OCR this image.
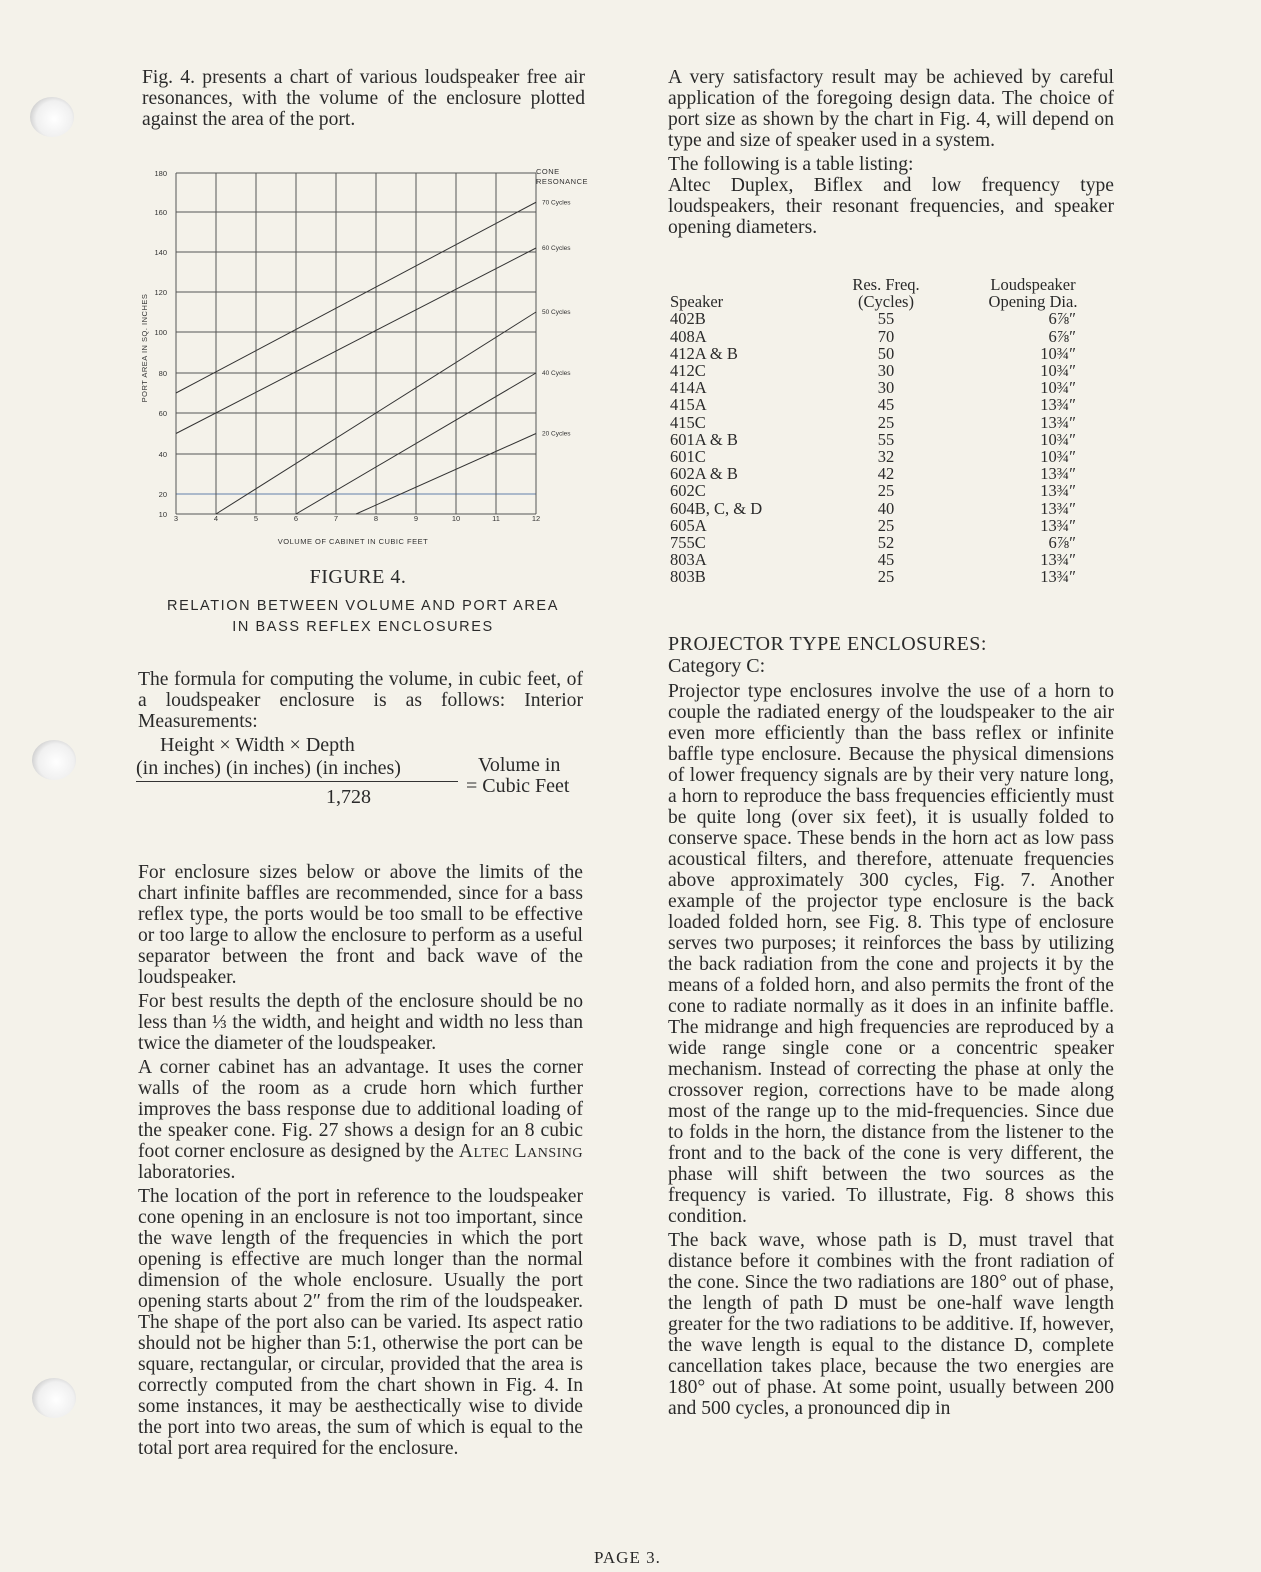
Fig. 4. presents a chart of various loudspeaker free air resonances, with the volume of the enclosure plotted against the area of the port.
10
20
40
60
80
100
120
140
160
180
3	4	5	6	7	8	9	10	11	12
70 Cycles
60 Cycles
50 Cycles
40 Cycles
20 Cycles
CONE
RESONANCE
VOLUME OF CABINET IN CUBIC FEET
PORT AREA IN SQ. INCHES
FIGURE 4.
RELATION BETWEEN VOLUME AND PORT AREA
IN BASS REFLEX ENCLOSURES
The formula for computing the volume, in cubic feet, of a loudspeaker enclosure is as follows: Interior Measurements:
Height × Width × Depth
(in inches) (in inches) (in inches)
1,728
Volume in
= Cubic Feet

For enclosure sizes below or above the limits of the chart infinite baffles are recommended, since for a bass reflex type, the ports would be too small to be effective or too large to allow the enclosure to perform as a useful separator between the front and back wave of the loudspeaker.

For best results the depth of the enclosure should be no less than ⅓ the width, and height and width no less than twice the diameter of the loudspeaker.

A corner cabinet has an advantage. It uses the corner walls of the room as a crude horn which further improves the bass response due to additional loading of the speaker cone. Fig. 27 shows a design for an 8 cubic foot corner enclosure as designed by the Altec Lansing laboratories.

The location of the port in reference to the loudspeaker cone opening in an enclosure is not too important, since the wave length of the frequencies in which the port opening is effective are much longer than the normal dimension of the whole enclosure. Usually the port opening starts about 2″ from the rim of the loudspeaker. The shape of the port also can be varied. Its aspect ratio should not be higher than 5:1, otherwise the port can be square, rectangular, or circular, provided that the area is correctly computed from the chart shown in Fig. 4. In some instances, it may be aesthectically wise to divide the port into two areas, the sum of which is equal to the total port area required for the enclosure.

A very satisfactory result may be achieved by careful application of the foregoing design data. The choice of port size as shown by the chart in Fig. 4, will depend on type and size of speaker used in a system.

The following is a table listing:

Altec Duplex, Biflex and low frequency type loudspeakers, their resonant frequencies, and speaker opening diameters.

	Res. Freq.	Loudspeaker
Speaker	(Cycles)	Opening Dia.
402B	55	6⅞″
408A	70	6⅞″
412A & B	50	10¾″
412C	30	10¾″
414A	30	10¾″
415A	45	13¾″
415C	25	13¾″
601A & B	55	10¾″
601C	32	10¾″
602A & B	42	13¾″
602C	25	13¾″
604B, C, & D	40	13¾″
605A	25	13¾″
755C	52	6⅞″
803A	45	13¾″
803B	25	13¾″
PROJECTOR TYPE ENCLOSURES:
Category C:

Projector type enclosures involve the use of a horn to couple the radiated energy of the loudspeaker to the air even more efficiently than the bass reflex or infinite baffle type enclosure. Because the physical dimensions of lower frequency signals are by their very nature long, a horn to reproduce the bass frequencies efficiently must be quite long (over six feet), it is usually folded to conserve space. These bends in the horn act as low pass acoustical filters, and therefore, attenuate frequencies above approximately 300 cycles, Fig. 7. Another example of the projector type enclosure is the back loaded folded horn, see Fig. 8. This type of enclosure serves two purposes; it reinforces the bass by utilizing the back radiation from the cone and projects it by the means of a folded horn, and also permits the front of the cone to radiate normally as it does in an infinite baffle. The midrange and high frequencies are reproduced by a wide range single cone or a concentric speaker mechanism. Instead of correcting the phase at only the crossover region, corrections have to be made along most of the range up to the mid-frequencies. Since due to folds in the horn, the distance from the listener to the front and to the back of the cone is very different, the phase will shift between the two sources as the frequency is varied. To illustrate, Fig. 8 shows this condition.

The back wave, whose path is D, must travel that distance before it combines with the front radiation of the cone. Since the two radiations are 180° out of phase, the length of path D must be one-half wave length greater for the two radiations to be additive. If, however, the wave length is equal to the distance D, complete cancellation takes place, because the two energies are 180° out of phase. At some point, usually between 200 and 500 cycles, a pronounced dip in

PAGE 3.
